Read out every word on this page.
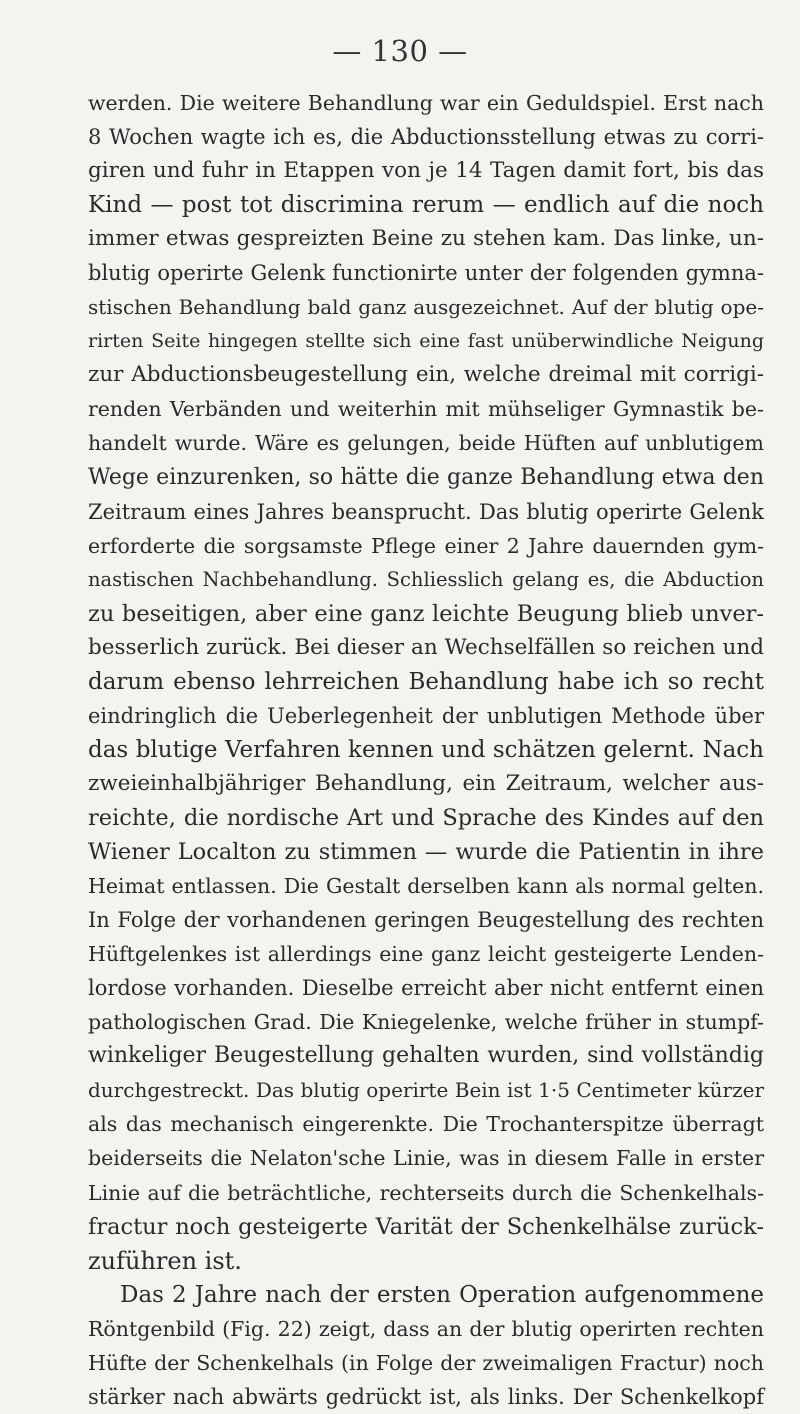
— 130 —
werden. Die weitere Behandlung war ein Geduldspiel. Erst nach
8 Wochen wagte ich es, die Abductionsstellung etwas zu corri-
giren und fuhr in Etappen von je 14 Tagen damit fort, bis das
Kind — post tot discrimina rerum — endlich auf die noch
immer etwas gespreizten Beine zu stehen kam. Das linke, un-
blutig operirte Gelenk functionirte unter der folgenden gymna-
stischen Behandlung bald ganz ausgezeichnet. Auf der blutig ope-
rirten Seite hingegen stellte sich eine fast unüberwindliche Neigung
zur Abductionsbeugestellung ein, welche dreimal mit corrigi-
renden Verbänden und weiterhin mit mühseliger Gymnastik be-
handelt wurde. Wäre es gelungen, beide Hüften auf unblutigem
Wege einzurenken, so hätte die ganze Behandlung etwa den
Zeitraum eines Jahres beansprucht. Das blutig operirte Gelenk
erforderte die sorgsamste Pflege einer 2 Jahre dauernden gym-
nastischen Nachbehandlung. Schliesslich gelang es, die Abduction
zu beseitigen, aber eine ganz leichte Beugung blieb unver-
besserlich zurück. Bei dieser an Wechselfällen so reichen und
darum ebenso lehrreichen Behandlung habe ich so recht
eindringlich die Ueberlegenheit der unblutigen Methode über
das blutige Verfahren kennen und schätzen gelernt. Nach
zweieinhalbjähriger Behandlung, ein Zeitraum, welcher aus-
reichte, die nordische Art und Sprache des Kindes auf den
Wiener Localton zu stimmen — wurde die Patientin in ihre
Heimat entlassen. Die Gestalt derselben kann als normal gelten.
In Folge der vorhandenen geringen Beugestellung des rechten
Hüftgelenkes ist allerdings eine ganz leicht gesteigerte Lenden-
lordose vorhanden. Dieselbe erreicht aber nicht entfernt einen
pathologischen Grad. Die Kniegelenke, welche früher in stumpf-
winkeliger Beugestellung gehalten wurden, sind vollständig
durchgestreckt. Das blutig operirte Bein ist 1·5 Centimeter kürzer
als das mechanisch eingerenkte. Die Trochanterspitze überragt
beiderseits die Nelaton'sche Linie, was in diesem Falle in erster
Linie auf die beträchtliche, rechterseits durch die Schenkelhals-
fractur noch gesteigerte Varität der Schenkelhälse zurück-
zuführen ist.
Das 2 Jahre nach der ersten Operation aufgenommene
Röntgenbild (Fig. 22) zeigt, dass an der blutig operirten rechten
Hüfte der Schenkelhals (in Folge der zweimaligen Fractur) noch
stärker nach abwärts gedrückt ist, als links. Der Schenkelkopf
